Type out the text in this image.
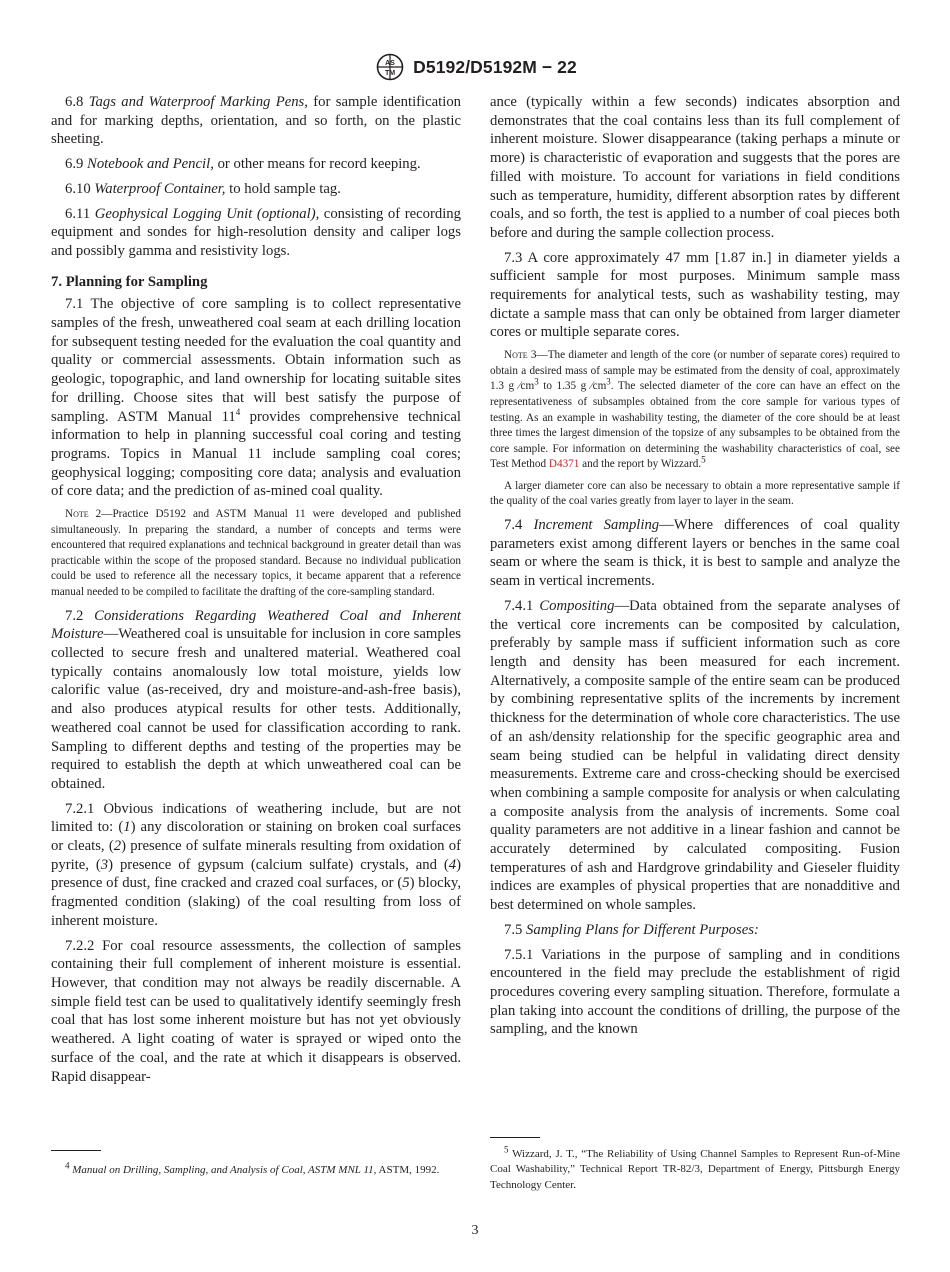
AS
TM D5192/D5192M − 22

6.8 Tags and Waterproof Marking Pens, for sample identification and for marking depths, orientation, and so forth, on the plastic sheeting.

6.9 Notebook and Pencil, or other means for record keeping.

6.10 Waterproof Container, to hold sample tag.

6.11 Geophysical Logging Unit (optional), consisting of recording equipment and sondes for high-resolution density and caliper logs and possibly gamma and resistivity logs.

7. Planning for Sampling

7.1 The objective of core sampling is to collect representative samples of the fresh, unweathered coal seam at each drilling location for subsequent testing needed for the evaluation the coal quantity and quality or commercial assessments. Obtain information such as geologic, topographic, and land ownership for locating suitable sites for drilling. Choose sites that will best satisfy the purpose of sampling. ASTM Manual $11^4$ provides comprehensive technical information to help in planning successful coal coring and testing programs. Topics in Manual 11 include sampling coal cores; geophysical logging; compositing core data; analysis and evaluation of core data; and the prediction of as-mined coal quality.

Note 2—Practice D5192 and ASTM Manual 11 were developed and published simultaneously. In preparing the standard, a number of concepts and terms were encountered that required explanations and technical background in greater detail than was practicable within the scope of the proposed standard. Because no individual publication could be used to reference all the necessary topics, it became apparent that a reference manual needed to be compiled to facilitate the drafting of the core-sampling standard.

7.2 Considerations Regarding Weathered Coal and Inherent Moisture—Weathered coal is unsuitable for inclusion in core samples collected to secure fresh and unaltered material. Weathered coal typically contains anomalously low total moisture, yields low calorific value (as-received, dry and moisture-and-ash-free basis), and also produces atypical results for other tests. Additionally, weathered coal cannot be used for classification according to rank. Sampling to different depths and testing of the properties may be required to establish the depth at which unweathered coal can be obtained.

7.2.1 Obvious indications of weathering include, but are not limited to: (1) any discoloration or staining on broken coal surfaces or cleats, (2) presence of sulfate minerals resulting from oxidation of pyrite, (3) presence of gypsum (calcium sulfate) crystals, and (4) presence of dust, fine cracked and crazed coal surfaces, or (5) blocky, fragmented condition (slaking) of the coal resulting from loss of inherent moisture.

7.2.2 For coal resource assessments, the collection of samples containing their full complement of inherent moisture is essential. However, that condition may not always be readily discernable. A simple field test can be used to qualitatively identify seemingly fresh coal that has lost some inherent moisture but has not yet obviously weathered. A light coating of water is sprayed or wiped onto the surface of the coal, and the rate at which it disappears is observed. Rapid disappear-

ance (typically within a few seconds) indicates absorption and demonstrates that the coal contains less than its full complement of inherent moisture. Slower disappearance (taking perhaps a minute or more) is characteristic of evaporation and suggests that the pores are filled with moisture. To account for variations in field conditions such as temperature, humidity, different absorption rates by different coals, and so forth, the test is applied to a number of coal pieces both before and during the sample collection process.

7.3 A core approximately 47 mm [1.87 in.] in diameter yields a sufficient sample for most purposes. Minimum sample mass requirements for analytical tests, such as washability testing, may dictate a sample mass that can only be obtained from larger diameter cores or multiple separate cores.

Note 3—The diameter and length of the core (or number of separate cores) required to obtain a desired mass of sample may be estimated from the density of coal, approximately 1.3 g $⁄cm^3$ to 1.35 g $⁄cm^3$. The selected diameter of the core can have an effect on the representativeness of subsamples obtained from the core sample for various types of testing. As an example in washability testing, the diameter of the core should be at least three times the largest dimension of the topsize of any subsamples to be obtained from the core sample. For information on determining the washability characteristics of coal, see Test Method D4371 and the report by Wizzard.$^5$

A larger diameter core can also be necessary to obtain a more representative sample if the quality of the coal varies greatly from layer to layer in the seam.

7.4 Increment Sampling—Where differences of coal quality parameters exist among different layers or benches in the same coal seam or where the seam is thick, it is best to sample and analyze the seam in vertical increments.

7.4.1 Compositing—Data obtained from the separate analyses of the vertical core increments can be composited by calculation, preferably by sample mass if sufficient information such as core length and density has been measured for each increment. Alternatively, a composite sample of the entire seam can be produced by combining representative splits of the increments by increment thickness for the determination of whole core characteristics. The use of an ash/density relationship for the specific geographic area and seam being studied can be helpful in validating direct density measurements. Extreme care and cross-checking should be exercised when combining a sample composite for analysis or when calculating a composite analysis from the analysis of increments. Some coal quality parameters are not additive in a linear fashion and cannot be accurately determined by calculated compositing. Fusion temperatures of ash and Hardgrove grindability and Gieseler fluidity indices are examples of physical properties that are nonadditive and best determined on whole samples.

7.5 Sampling Plans for Different Purposes:

7.5.1 Variations in the purpose of sampling and in conditions encountered in the field may preclude the establishment of rigid procedures covering every sampling situation. Therefore, formulate a plan taking into account the conditions of drilling, the purpose of the sampling, and the known

$^4$ Manual on Drilling, Sampling, and Analysis of Coal, ASTM MNL 11, ASTM, 1992.
$^5$ Wizzard, J. T., “The Reliability of Using Channel Samples to Represent Run-of-Mine Coal Washability,” Technical Report TR-82/3, Department of Energy, Pittsburgh Energy Technology Center.
3
